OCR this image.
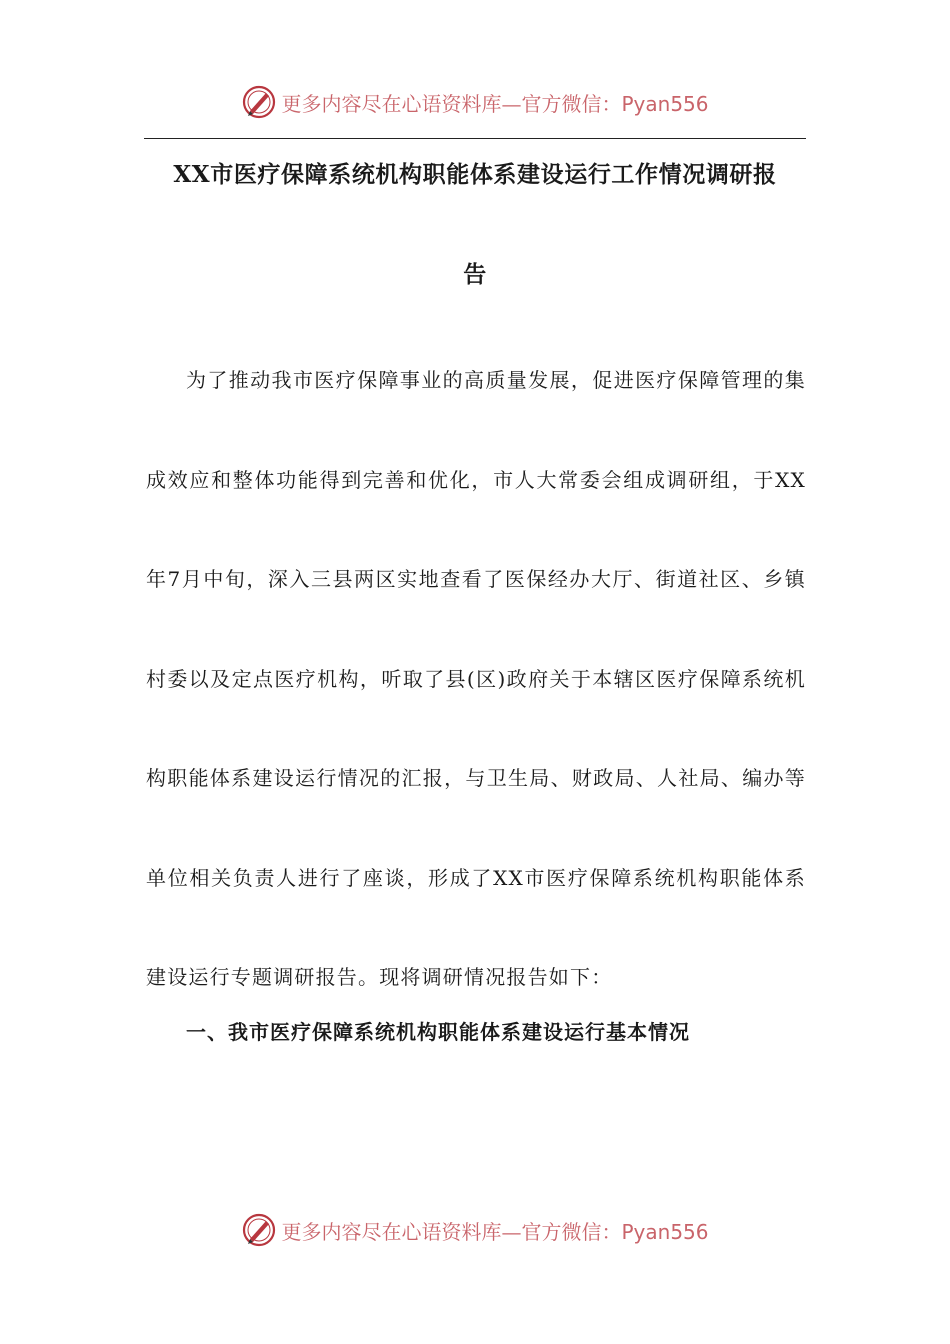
更多内容尽在心语资料库—官方微信：Pyan556
XX市医疗保障系统机构职能体系建设运行工作情况调研报
告

为了推动我市医疗保障事业的高质量发展，促进医疗保障管理的集成效应和整体功能得到完善和优化，市人大常委会组成调研组，于XX年7月中旬，深入三县两区实地查看了医保经办大厅、街道社区、乡镇村委以及定点医疗机构，听取了县(区)政府关于本辖区医疗保障系统机构职能体系建设运行情况的汇报，与卫生局、财政局、人社局、编办等单位相关负责人进行了座谈，形成了XX市医疗保障系统机构职能体系建设运行专题调研报告。现将调研情况报告如下：

一、我市医疗保障系统机构职能体系建设运行基本情况
更多内容尽在心语资料库—官方微信：Pyan556
